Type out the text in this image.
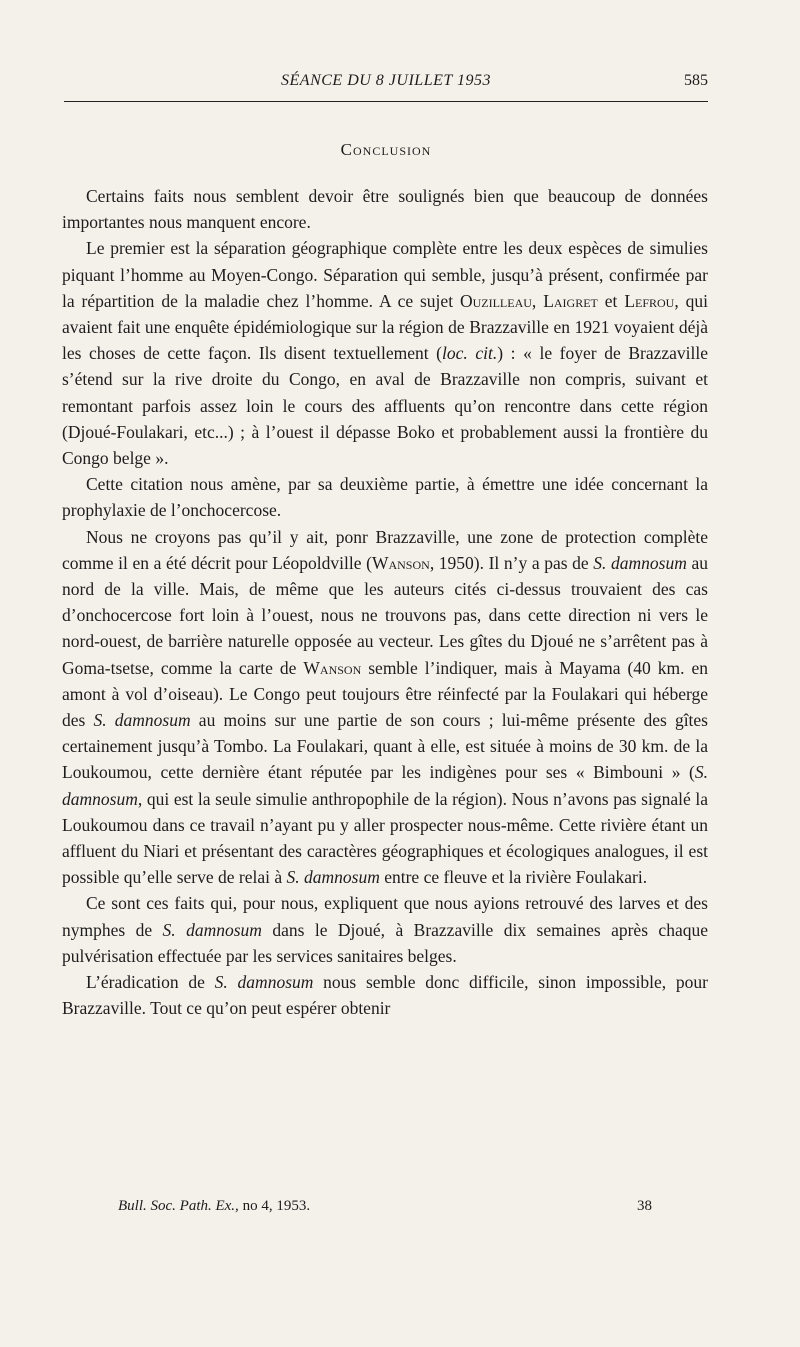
SÉANCE DU 8 JUILLET 1953	585
Conclusion

Certains faits nous semblent devoir être soulignés bien que beaucoup de données importantes nous manquent encore.

Le premier est la séparation géographique complète entre les deux espèces de simulies piquant l’homme au Moyen-Congo. Séparation qui semble, jusqu’à présent, confirmée par la répartition de la maladie chez l’homme. A ce sujet Ouzilleau, Laigret et Lefrou, qui avaient fait une enquête épidémiologique sur la région de Brazzaville en 1921 voyaient déjà les choses de cette façon. Ils disent textuellement (loc. cit.) : « le foyer de Brazzaville s’étend sur la rive droite du Congo, en aval de Brazzaville non compris, suivant et remontant parfois assez loin le cours des affluents qu’on rencontre dans cette région (Djoué-Foulakari, etc...) ; à l’ouest il dépasse Boko et probablement aussi la frontière du Congo belge ».

Cette citation nous amène, par sa deuxième partie, à émettre une idée concernant la prophylaxie de l’onchocercose.

Nous ne croyons pas qu’il y ait, ponr Brazzaville, une zone de protection complète comme il en a été décrit pour Léopoldville (Wanson, 1950). Il n’y a pas de S. damnosum au nord de la ville. Mais, de même que les auteurs cités ci-dessus trouvaient des cas d’onchocercose fort loin à l’ouest, nous ne trouvons pas, dans cette direction ni vers le nord-ouest, de barrière naturelle opposée au vecteur. Les gîtes du Djoué ne s’arrêtent pas à Goma-tsetse, comme la carte de Wanson semble l’indiquer, mais à Mayama (40 km. en amont à vol d’oiseau). Le Congo peut toujours être réinfecté par la Foulakari qui héberge des S. damnosum au moins sur une partie de son cours ; lui-même présente des gîtes certainement jusqu’à Tombo. La Foulakari, quant à elle, est située à moins de 30 km. de la Loukoumou, cette dernière étant réputée par les indigènes pour ses « Bimbouni » (S. damnosum, qui est la seule simulie anthropophile de la région). Nous n’avons pas signalé la Loukoumou dans ce travail n’ayant pu y aller prospecter nous-même. Cette rivière étant un affluent du Niari et présentant des caractères géographiques et écologiques analogues, il est possible qu’elle serve de relai à S. damnosum entre ce fleuve et la rivière Foulakari.

Ce sont ces faits qui, pour nous, expliquent que nous ayions retrouvé des larves et des nymphes de S. damnosum dans le Djoué, à Brazzaville dix semaines après chaque pulvérisation effectuée par les services sanitaires belges.

L’éradication de S. damnosum nous semble donc difficile, sinon impossible, pour Brazzaville. Tout ce qu’on peut espérer obtenir

Bull. Soc. Path. Ex., no 4, 1953.	38
